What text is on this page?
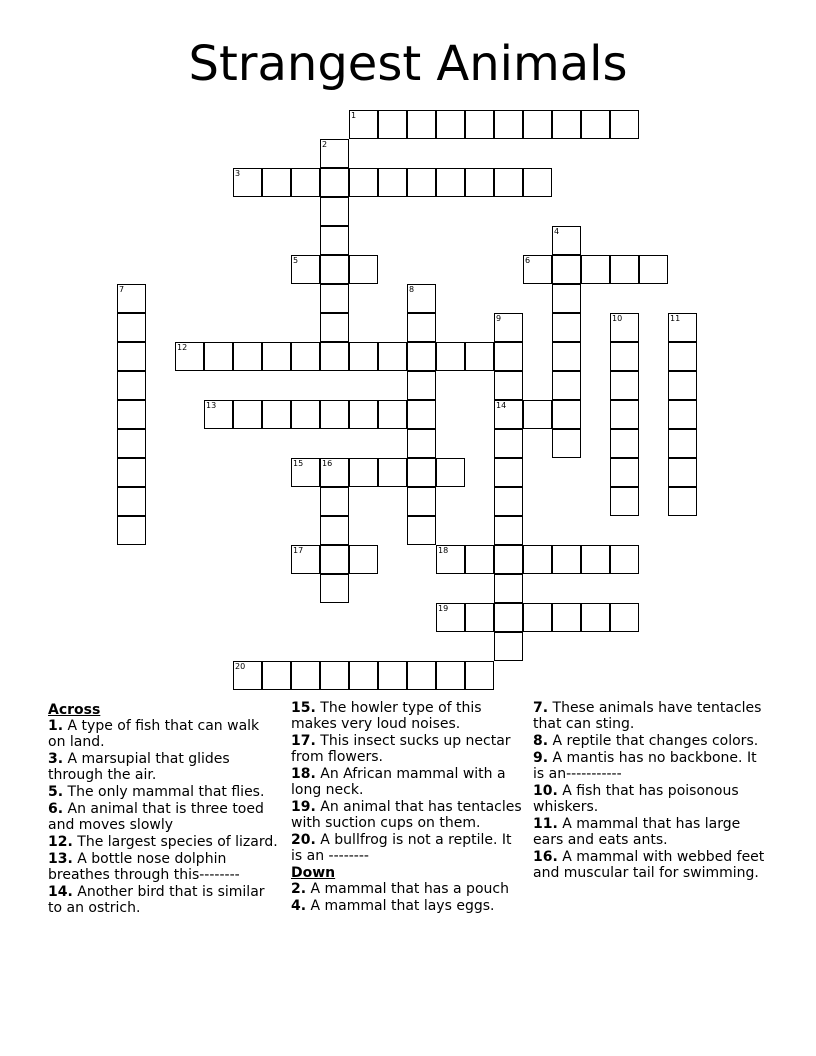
Strangest Animals
1
3
5	6
12
13	14
15 16
17	18
19
20
2
4
7	8
9	10	11
Across
1. A type of fish that can walk on land.
3. A marsupial that glides through the air.
5. The only mammal that flies.
6. An animal that is three toed and moves slowly
12. The largest species of lizard.
13. A bottle nose dolphin breathes through this--------
14. Another bird that is similar to an ostrich.
15. The howler type of this makes very loud noises.
17. This insect sucks up nectar from flowers.
18. An African mammal with a long neck.
19. An animal that has tentacles with suction cups on them.
20. A bullfrog is not a reptile. It is an --------
Down
2. A mammal that has a pouch
4. A mammal that lays eggs.
7. These animals have tentacles that can sting.
8. A reptile that changes colors.
9. A mantis has no backbone. It is an-----------
10. A fish that has poisonous whiskers.
11. A mammal that has large ears and eats ants.
16. A mammal with webbed feet and muscular tail for swimming.
